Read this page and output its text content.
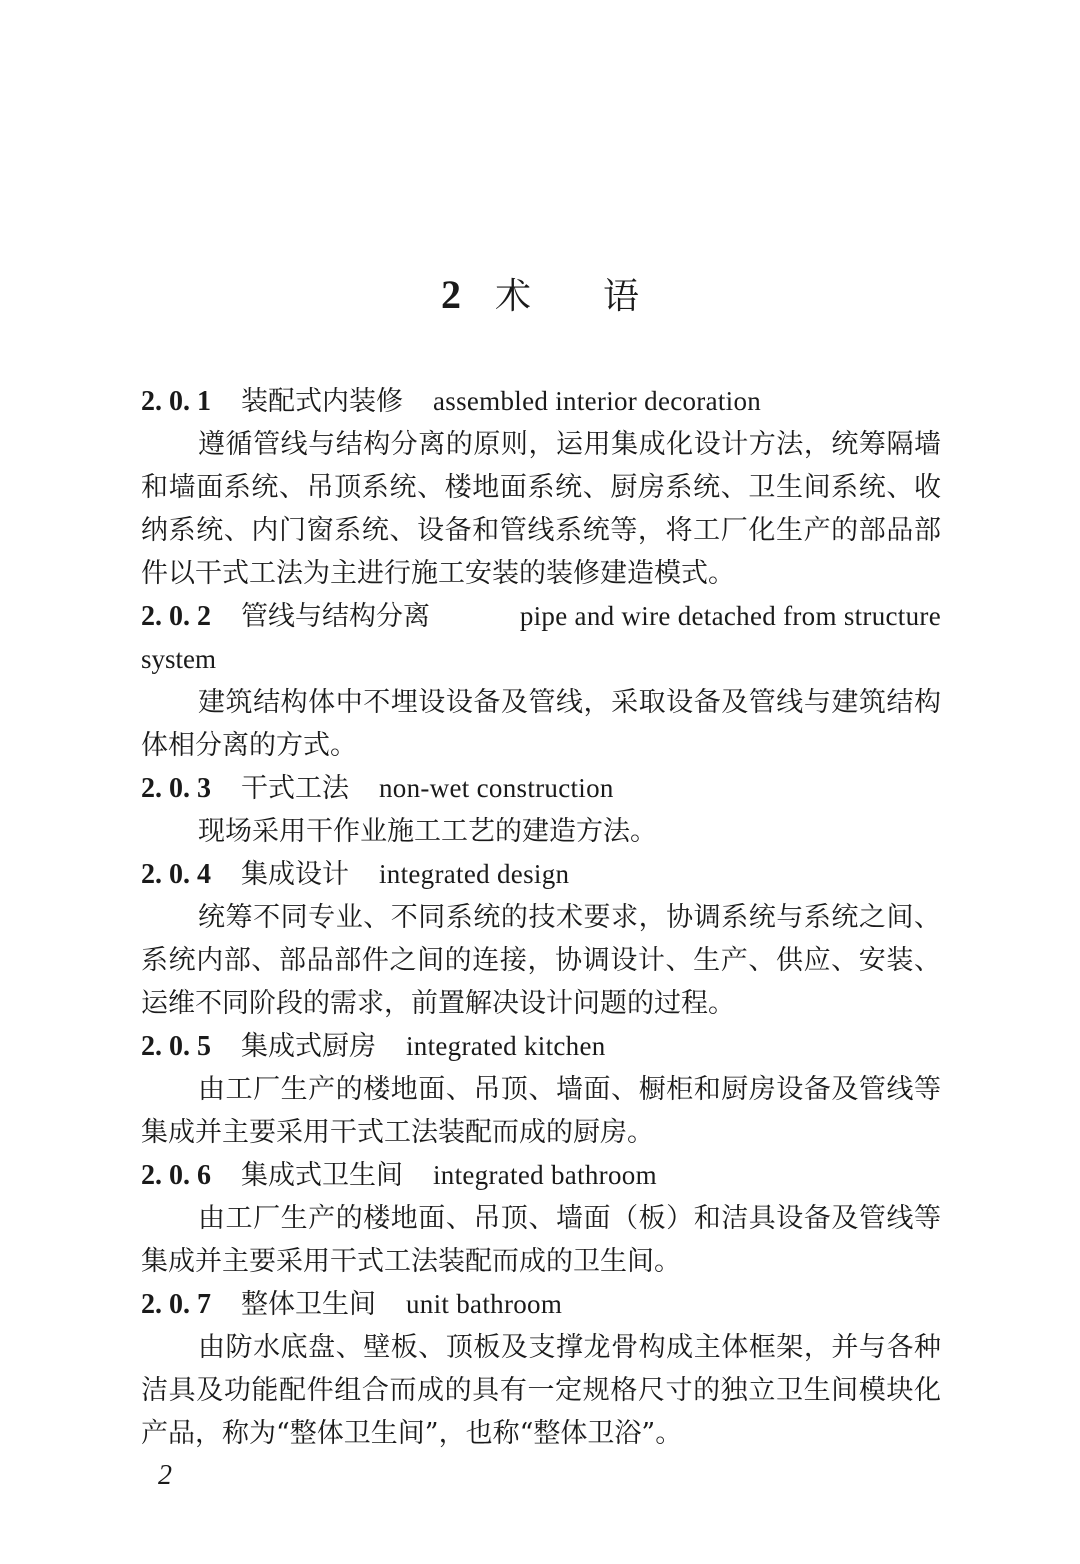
2 术 语
2. 0. 1 装配式内装修 assembled interior decoration

遵循管线与结构分离的原则，运用集成化设计方法，统筹隔墙和墙面系统、吊顶系统、楼地面系统、厨房系统、卫生间系统、收纳系统、内门窗系统、设备和管线系统等，将工厂化生产的部品部件以干式工法为主进行施工安装的装修建造模式。

2. 0. 2 管线与结构分离	pipe and wire detached from structure
system

建筑结构体中不埋设设备及管线，采取设备及管线与建筑结构体相分离的方式。

2. 0. 3 干式工法 non-wet construction

现场采用干作业施工工艺的建造方法。

2. 0. 4 集成设计 integrated design

统筹不同专业、不同系统的技术要求，协调系统与系统之间、系统内部、部品部件之间的连接，协调设计、生产、供应、安装、运维不同阶段的需求，前置解决设计问题的过程。

2. 0. 5 集成式厨房 integrated kitchen

由工厂生产的楼地面、吊顶、墙面、橱柜和厨房设备及管线等集成并主要采用干式工法装配而成的厨房。

2. 0. 6 集成式卫生间 integrated bathroom

由工厂生产的楼地面、吊顶、墙面（板）和洁具设备及管线等集成并主要采用干式工法装配而成的卫生间。

2. 0. 7 整体卫生间 unit bathroom

由防水底盘、壁板、顶板及支撑龙骨构成主体框架，并与各种洁具及功能配件组合而成的具有一定规格尺寸的独立卫生间模块化产品，称为“整体卫生间”，也称“整体卫浴”。

2
